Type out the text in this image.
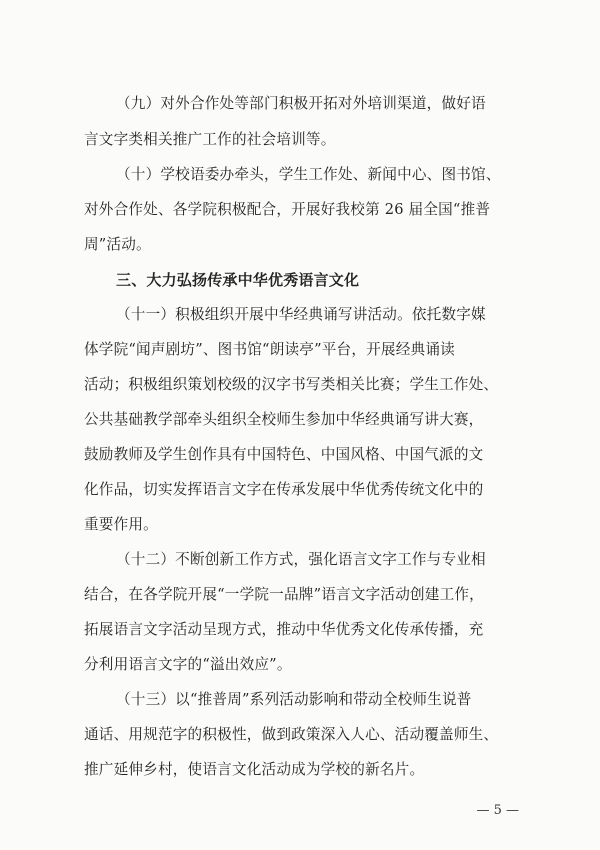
（九）对外合作处等部门积极开拓对外培训渠道，做好语
言文字类相关推广工作的社会培训等。
（十）学校语委办牵头，学生工作处、新闻中心、图书馆、
对外合作处、各学院积极配合，开展好我校第 26 届全国“推普
周”活动。
三、大力弘扬传承中华优秀语言文化
（十一）积极组织开展中华经典诵写讲活动。依托数字媒
体学院“闻声剧坊”、图书馆“朗读亭”平台，开展经典诵读
活动；积极组织策划校级的汉字书写类相关比赛；学生工作处、
公共基础教学部牵头组织全校师生参加中华经典诵写讲大赛，
鼓励教师及学生创作具有中国特色、中国风格、中国气派的文
化作品，切实发挥语言文字在传承发展中华优秀传统文化中的
重要作用。
（十二）不断创新工作方式，强化语言文字工作与专业相
结合，在各学院开展“一学院一品牌”语言文字活动创建工作，
拓展语言文字活动呈现方式，推动中华优秀文化传承传播，充
分利用语言文字的“溢出效应”。
（十三）以“推普周”系列活动影响和带动全校师生说普
通话、用规范字的积极性，做到政策深入人心、活动覆盖师生、
推广延伸乡村，使语言文化活动成为学校的新名片。
— 5 —
